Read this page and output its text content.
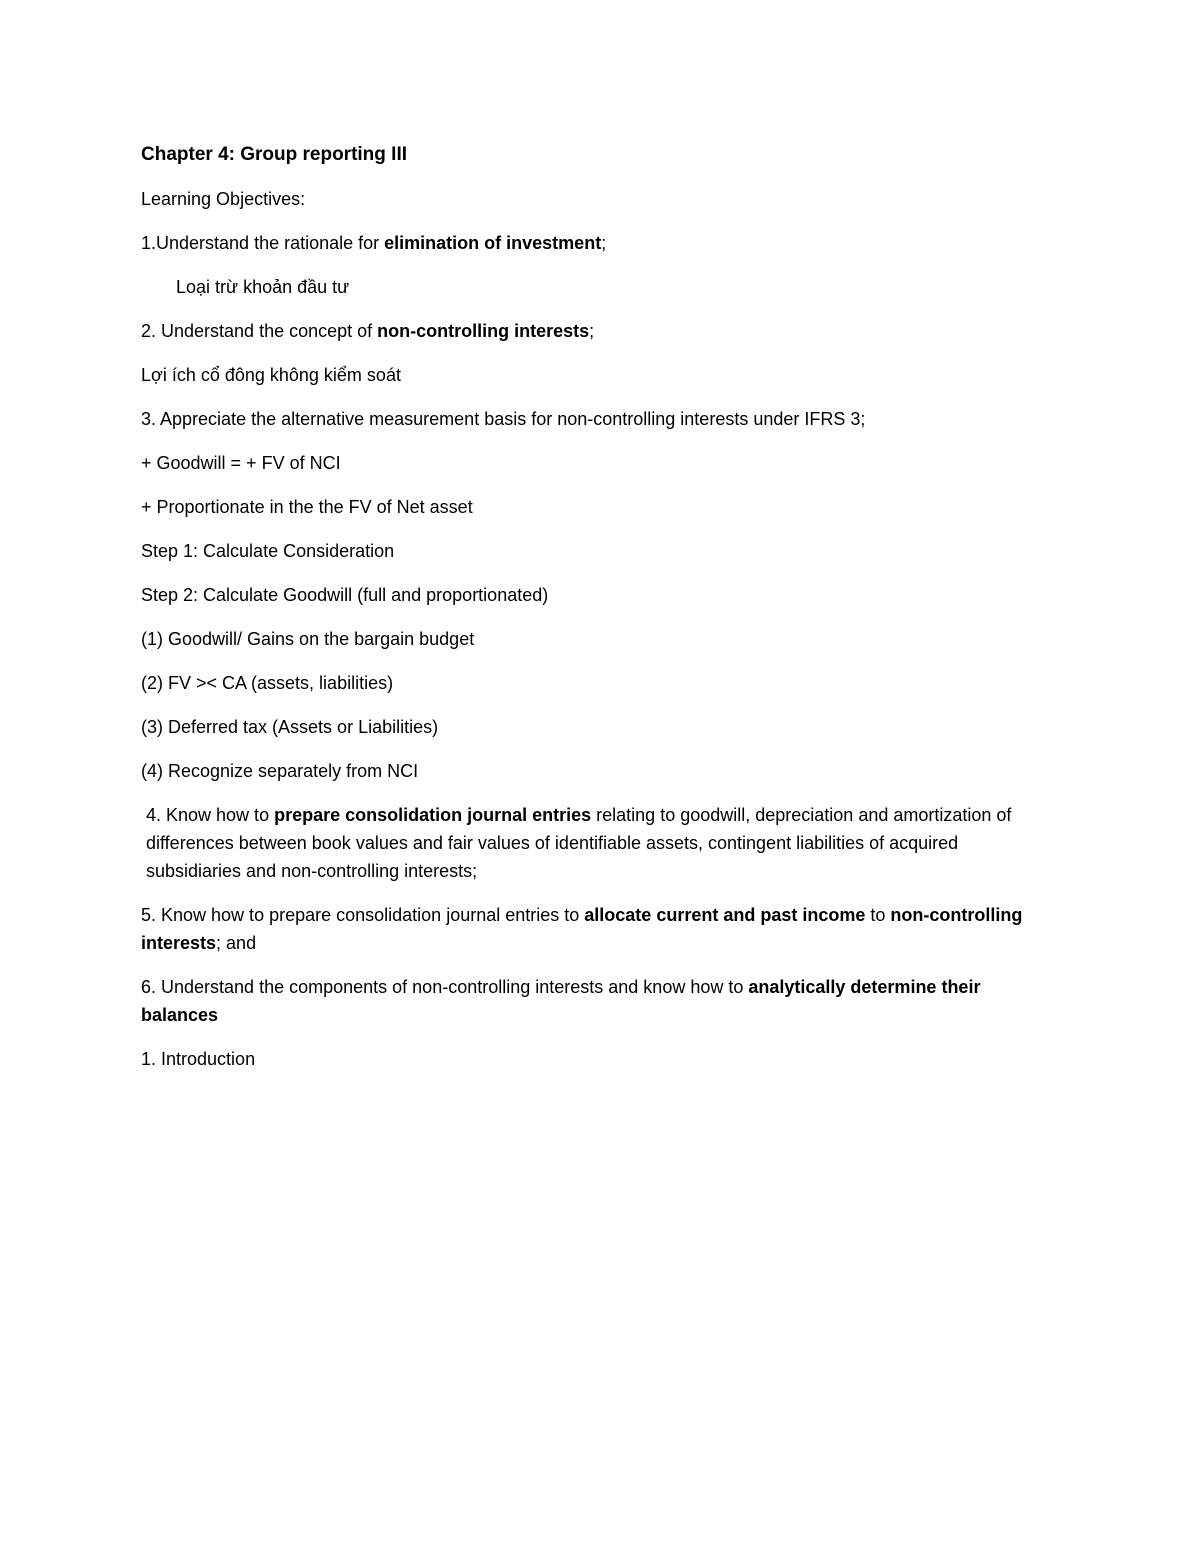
Chapter 4: Group reporting III

Learning Objectives:

1.Understand the rationale for elimination of investment;

Loại trừ khoản đầu tư

2. Understand the concept of non-controlling interests;

Lợi ích cổ đông không kiểm soát

3. Appreciate the alternative measurement basis for non-controlling interests under IFRS 3;

+ Goodwill = + FV of NCI

+ Proportionate in the the FV of Net asset

Step 1: Calculate Consideration

Step 2: Calculate Goodwill (full and proportionated)

(1) Goodwill/ Gains on the bargain budget

(2) FV >< CA (assets, liabilities)

(3) Deferred tax (Assets or Liabilities)

(4) Recognize separately from NCI

4. Know how to prepare consolidation journal entries relating to goodwill, depreciation and amortization of differences between book values and fair values of identifiable assets, contingent liabilities of acquired subsidiaries and non-controlling interests;

5. Know how to prepare consolidation journal entries to allocate current and past income to non-controlling interests; and

6. Understand the components of non-controlling interests and know how to analytically determine their balances

1. Introduction
